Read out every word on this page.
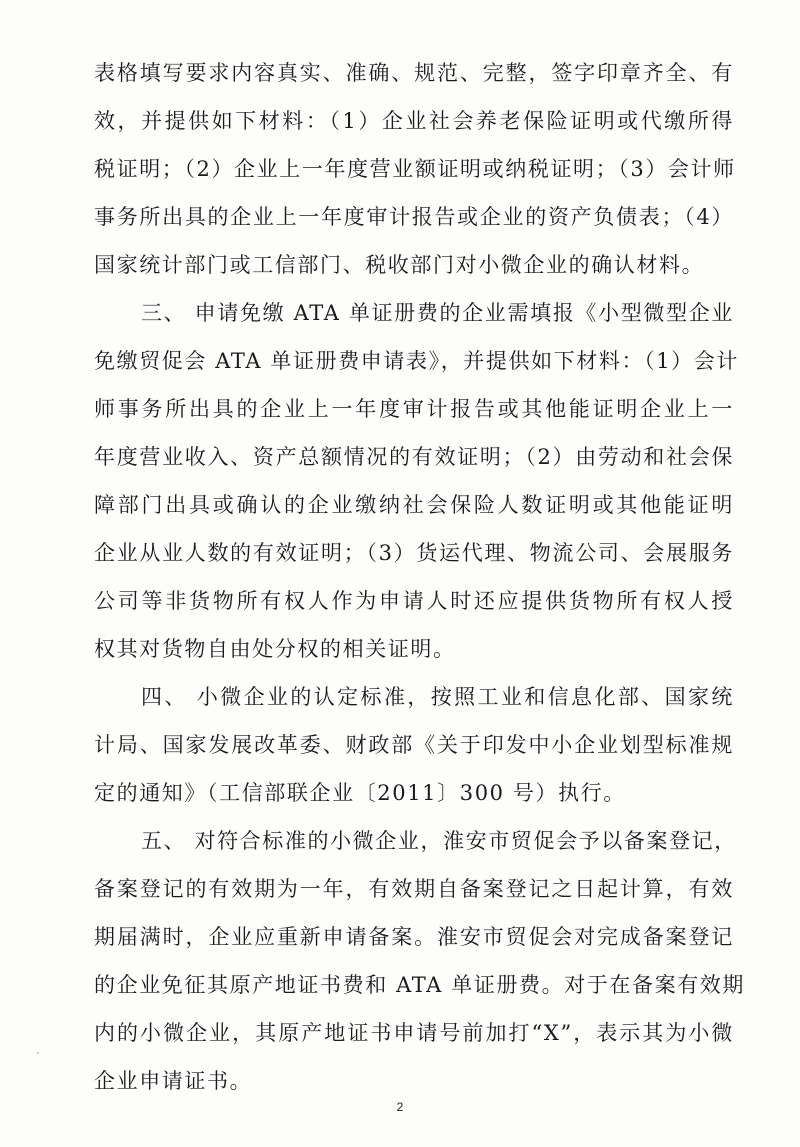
表格填写要求内容真实、准确、规范、完整，签字印章齐全、有
效，并提供如下材料：（1）企业社会养老保险证明或代缴所得
税证明；（2）企业上一年度营业额证明或纳税证明；（3）会计师
事务所出具的企业上一年度审计报告或企业的资产负债表；（4）
国家统计部门或工信部门、税收部门对小微企业的确认材料。
三、 申请免缴 ATA 单证册费的企业需填报《小型微型企业
免缴贸促会 ATA 单证册费申请表》，并提供如下材料：（1）会计
师事务所出具的企业上一年度审计报告或其他能证明企业上一
年度营业收入、资产总额情况的有效证明；（2）由劳动和社会保
障部门出具或确认的企业缴纳社会保险人数证明或其他能证明
企业从业人数的有效证明；（3）货运代理、物流公司、会展服务
公司等非货物所有权人作为申请人时还应提供货物所有权人授
权其对货物自由处分权的相关证明。
四、 小微企业的认定标准，按照工业和信息化部、国家统
计局、国家发展改革委、财政部《关于印发中小企业划型标准规
定的通知》（工信部联企业〔2011〕300 号）执行。
五、 对符合标准的小微企业，淮安市贸促会予以备案登记，
备案登记的有效期为一年，有效期自备案登记之日起计算，有效
期届满时，企业应重新申请备案。淮安市贸促会对完成备案登记
的企业免征其原产地证书费和 ATA 单证册费。对于在备案有效期
内的小微企业，其原产地证书申请号前加打“X”，表示其为小微
企业申请证书。
2
